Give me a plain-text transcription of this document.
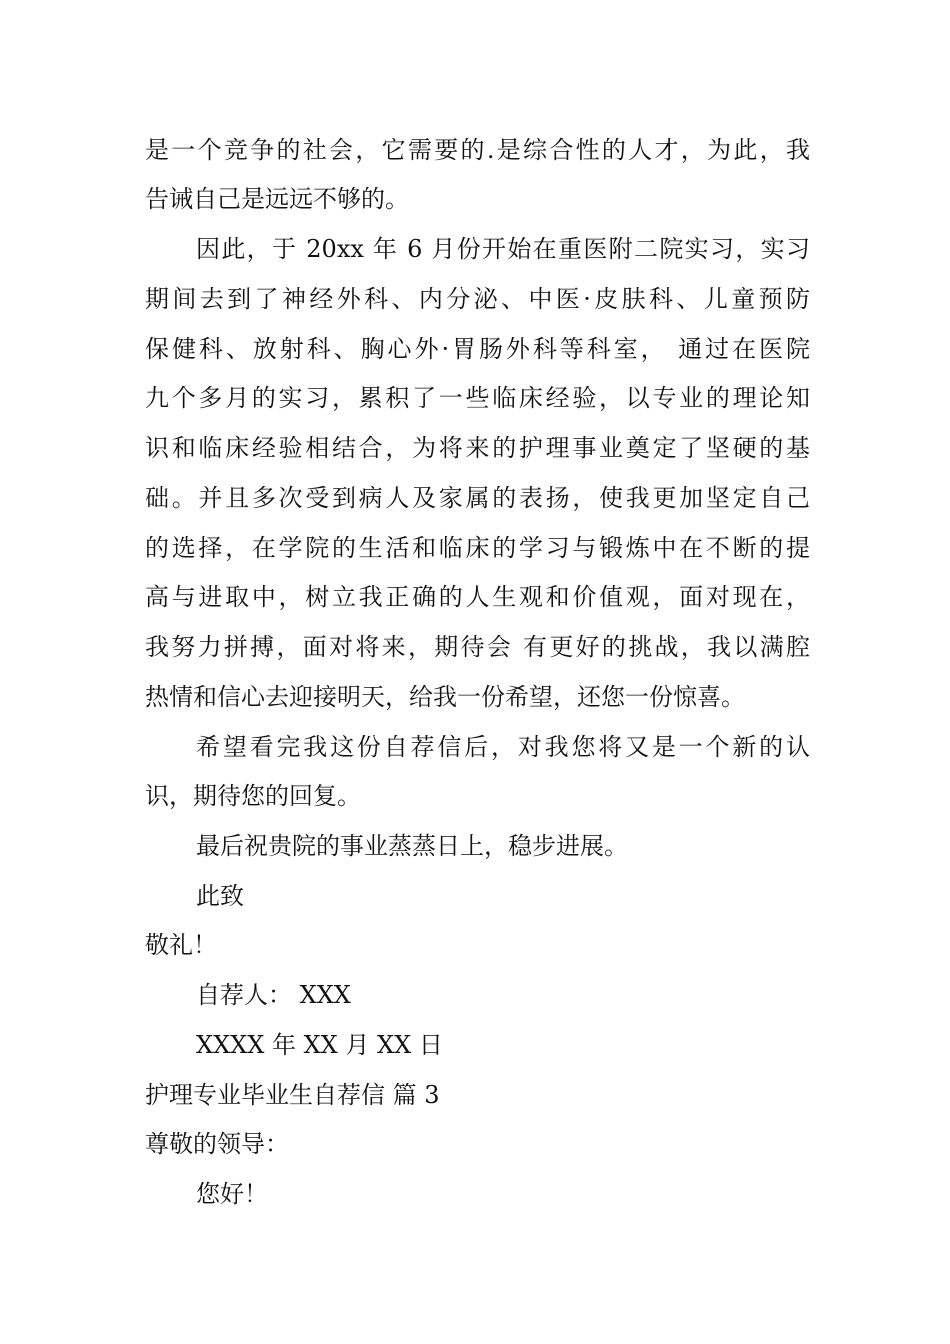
是一个竞争的社会，它需要的.是综合性的人才，为此，我
告诫自己是远远不够的。
因此，于 20xx 年 6 月份开始在重医附二院实习，实习
期间去到了神经外科、内分泌、中医·皮肤科、儿童预防
保健科、放射科、胸心外·胃肠外科等科室， 通过在医院
九个多月的实习，累积了一些临床经验，以专业的理论知
识和临床经验相结合，为将来的护理事业奠定了坚硬的基
础。并且多次受到病人及家属的表扬，使我更加坚定自己
的选择，在学院的生活和临床的学习与锻炼中在不断的提
高与进取中，树立我正确的人生观和价值观，面对现在，
我努力拼搏，面对将来，期待会 有更好的挑战，我以满腔
热情和信心去迎接明天，给我一份希望，还您一份惊喜。
希望看完我这份自荐信后，对我您将又是一个新的认
识，期待您的回复。
最后祝贵院的事业蒸蒸日上，稳步进展。
此致
敬礼！
自荐人： XXX
XXXX 年 XX 月 XX 日
护理专业毕业生自荐信 篇 3
尊敬的领导：
您好！
